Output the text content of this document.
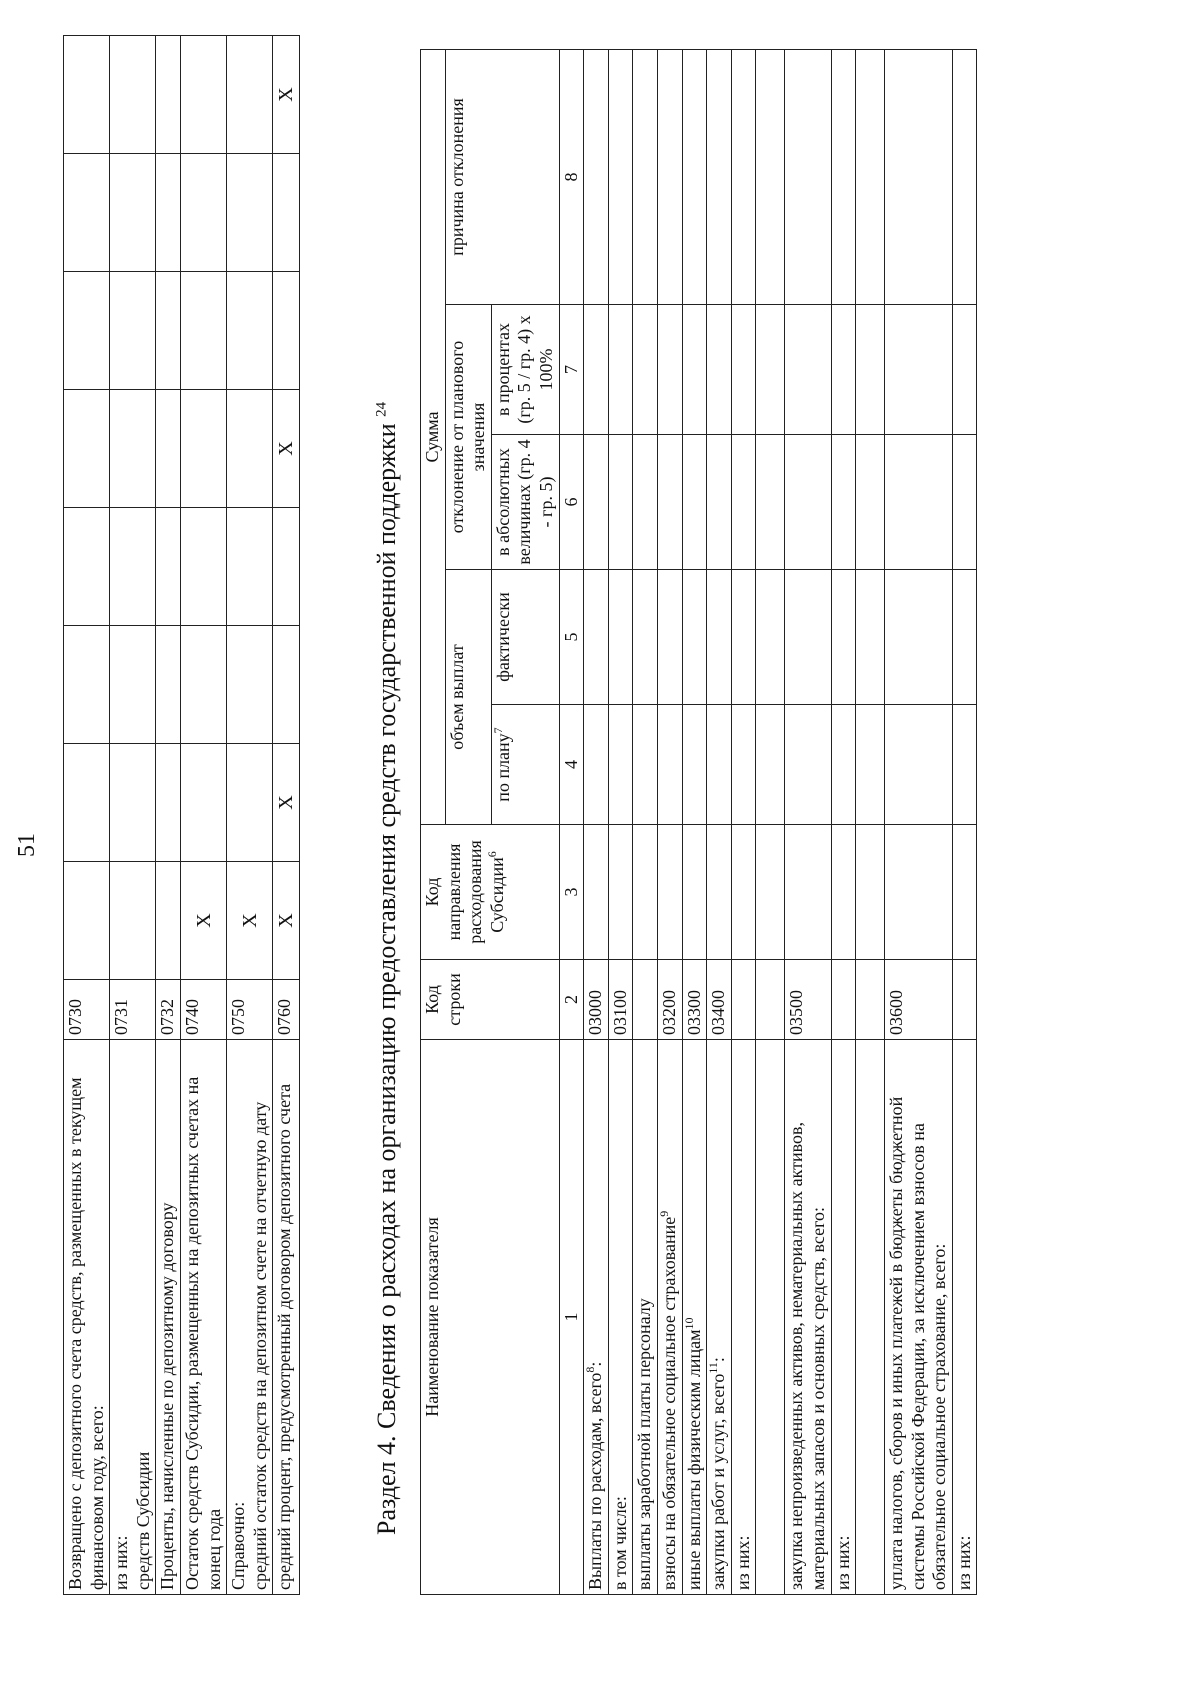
51
Возвращено с депозитного счета средств, размещенных в текущем финансовом году, всего:	0730								
из них:
средств Субсидии	0731								
Проценты, начисленные по депозитному договору	0732								
Остаток средств Субсидии, размещенных на депозитных счетах на конец года	0740	X							
Справочно:
средний остаток средств на депозитном счете на отчетную дату	0750	X							
средний процент, предусмотренный договором депозитного счета	0760	X	X			X			X
Раздел 4. Сведения о расходах на организацию предоставления средств государственной поддержки $^{24}$
Наименование показателя	Код строки	Код направления расходования Субсидии$^6$	Сумма				
			объем выплат		отклонение от планового значения		причина отклонения
			по плану$^7$	фактически	в абсолютных величинах (гр. 4 - гр. 5)	в процентах (гр. 5 / гр. 4) x 100%	
1	2	3	4	5	6	7	8
Выплаты по расходам, всего$^8$:	03000						
в том числе:	03100						
выплаты заработной платы персоналу							
взносы на обязательное социальное страхование$^9$	03200						
иные выплаты физическим лицам$^{10}$	03300						
закупки работ и услуг, всего$^{11}$:	03400						
из них:							

закупка непроизведенных активов, нематериальных активов, материальных запасов и основных средств, всего:	03500						
из них:							

уплата налогов, сборов и иных платежей в бюджеты бюджетной системы Российской Федерации, за исключением взносов на обязательное социальное страхование, всего:	03600						
из них:							
